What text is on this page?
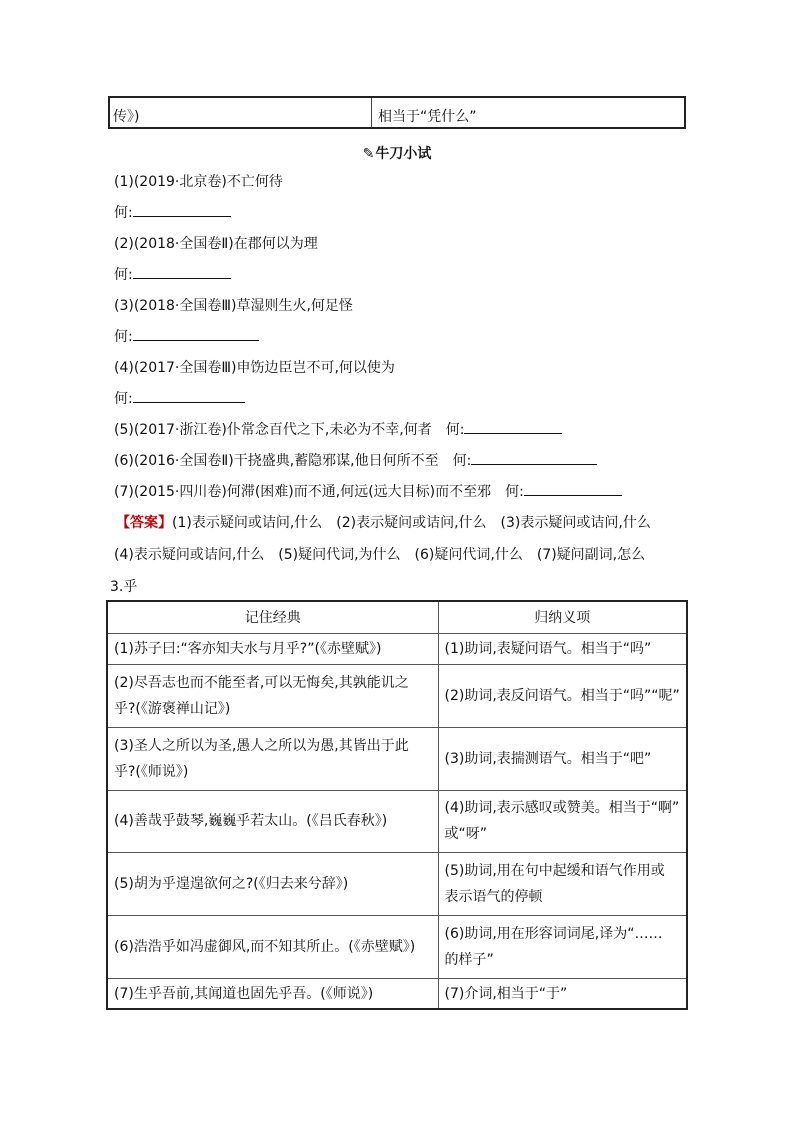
传》)	相当于“凭什么”
✎牛刀小试
(1)(2019·北京卷)不亡何待
何:
(2)(2018·全国卷Ⅱ)在郡何以为理
何:
(3)(2018·全国卷Ⅲ)草湿则生火,何足怪
何:
(4)(2017·全国卷Ⅲ)申饬边臣岂不可,何以使为
何:
(5)(2017·浙江卷)仆常念百代之下,未必为不幸,何者　何:
(6)(2016·全国卷Ⅱ)干挠盛典,蓄隐邪谋,他日何所不至　何:
(7)(2015·四川卷)何滞(困难)而不通,何远(远大目标)而不至邪　何:
【答案】(1)表示疑问或诘问,什么　(2)表示疑问或诘问,什么　(3)表示疑问或诘问,什么
(4)表示疑问或诘问,什么　(5)疑问代词,为什么　(6)疑问代词,什么　(7)疑问副词,怎么
3.乎
记住经典	归纳义项

(1)苏子曰:“客亦知夫水与月乎?”(《赤壁赋》)	(1)助词,表疑问语气。相当于“吗”

(2)尽吾志也而不能至者,可以无悔矣,其孰能讥之
乎?(《游褒禅山记》)	(2)助词,表反问语气。相当于“吗”“呢”

(3)圣人之所以为圣,愚人之所以为愚,其皆出于此
乎?(《师说》)	(3)助词,表揣测语气。相当于“吧”

(4)善哉乎鼓琴,巍巍乎若太山。(《吕氏春秋》)	(4)助词,表示感叹或赞美。相当于“啊”
或“呀”

(5)胡为乎遑遑欲何之?(《归去来兮辞》)	(5)助词,用在句中起缓和语气作用或
表示语气的停顿

(6)浩浩乎如冯虚御风,而不知其所止。(《赤壁赋》)	(6)助词,用在形容词词尾,译为“……
的样子”

(7)生乎吾前,其闻道也固先乎吾。(《师说》)	(7)介词,相当于“于”
